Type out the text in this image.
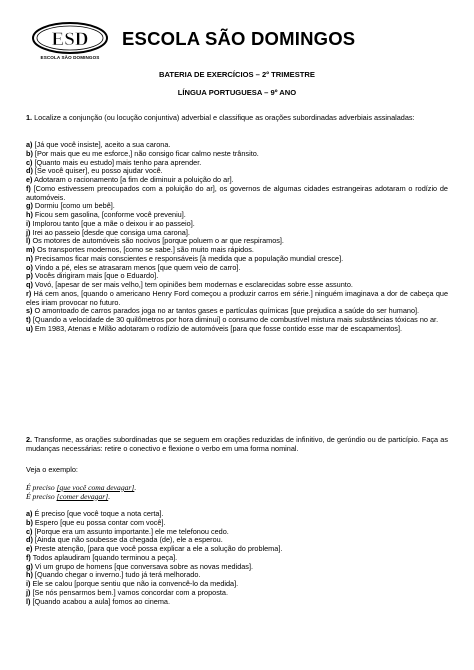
ESD
ESCOLA SÃO DOMINGOS
ESCOLA SÃO DOMINGOS
BATERIA DE EXERCÍCIOS – 2º TRIMESTRE
LÍNGUA PORTUGUESA – 9º ANO
1. Localize a conjunção (ou locução conjuntiva) adverbial e classifique as orações subordinadas adverbiais assinaladas:
a) [Já que você insiste], aceito a sua carona.
b) [Por mais que eu me esforce,] não consigo ficar calmo neste trânsito.
c) [Quanto mais eu estudo] mais tenho para aprender.
d) [Se você quiser], eu posso ajudar você.
e) Adotaram o racionamento [a fim de diminuir a poluição do ar].
f) [Como estivessem preocupados com a poluição do ar], os governos de algumas cidades estrangeiras adotaram o rodízio de automóveis.
g) Dormiu [como um bebê].
h) Ficou sem gasolina, [conforme você preveniu].
i) Implorou tanto [que a mãe o deixou ir ao passeio].
j) Irei ao passeio [desde que consiga uma carona].
l) Os motores de automóveis são nocivos [porque poluem o ar que respiramos].
m) Os transportes modernos, [como se sabe.] são muito mais rápidos.
n) Precisamos ficar mais conscientes e responsáveis [à medida que a população mundial cresce].
o) Vindo a pé, eles se atrasaram menos [que quem veio de carro].
p) Vocês dirigiram mais [que o Eduardo].
q) Vovó, [apesar de ser mais velho,] tem opiniões bem modernas e esclarecidas sobre esse assunto.
r) Há cem anos, [quando o americano Henry Ford começou a produzir carros em série.] ninguém imaginava a dor de cabeça que eles iriam provocar no futuro.
s) O amontoado de carros parados joga no ar tantos gases e partículas químicas [que prejudica a saúde do ser humano].
t) [Quando a velocidade de 30 quilômetros por hora diminui] o consumo de combustível mistura mais substâncias tóxicas no ar.
u) Em 1983, Atenas e Milão adotaram o rodízio de automóveis [para que fosse contido esse mar de escapamentos].
2. Transforme, as orações subordinadas que se seguem em orações reduzidas de infinitivo, de gerúndio ou de particípio. Faça as mudanças necessárias: retire o conectivo e flexione o verbo em uma forma nominal.
Veja o exemplo:
É preciso [que você coma devagar].
É preciso [comer devagar].
a) É preciso [que você toque a nota certa].
b) Espero [que eu possa contar com você].
c) [Porque era um assunto importante.] ele me telefonou cedo.
d) [Ainda que não soubesse da chegada (de), ele a esperou.
e) Preste atenção, [para que você possa explicar a ele a solução do problema].
f) Todos aplaudiram [quando terminou a peça].
g) Vi um grupo de homens [que conversava sobre as novas medidas].
h) [Quando chegar o inverno.] tudo já terá melhorado.
i) Ele se calou [porque sentiu que não ia convencê-lo da medida].
j) [Se nós pensarmos bem.] vamos concordar com a proposta.
l) [Quando acabou a aula] fomos ao cinema.
